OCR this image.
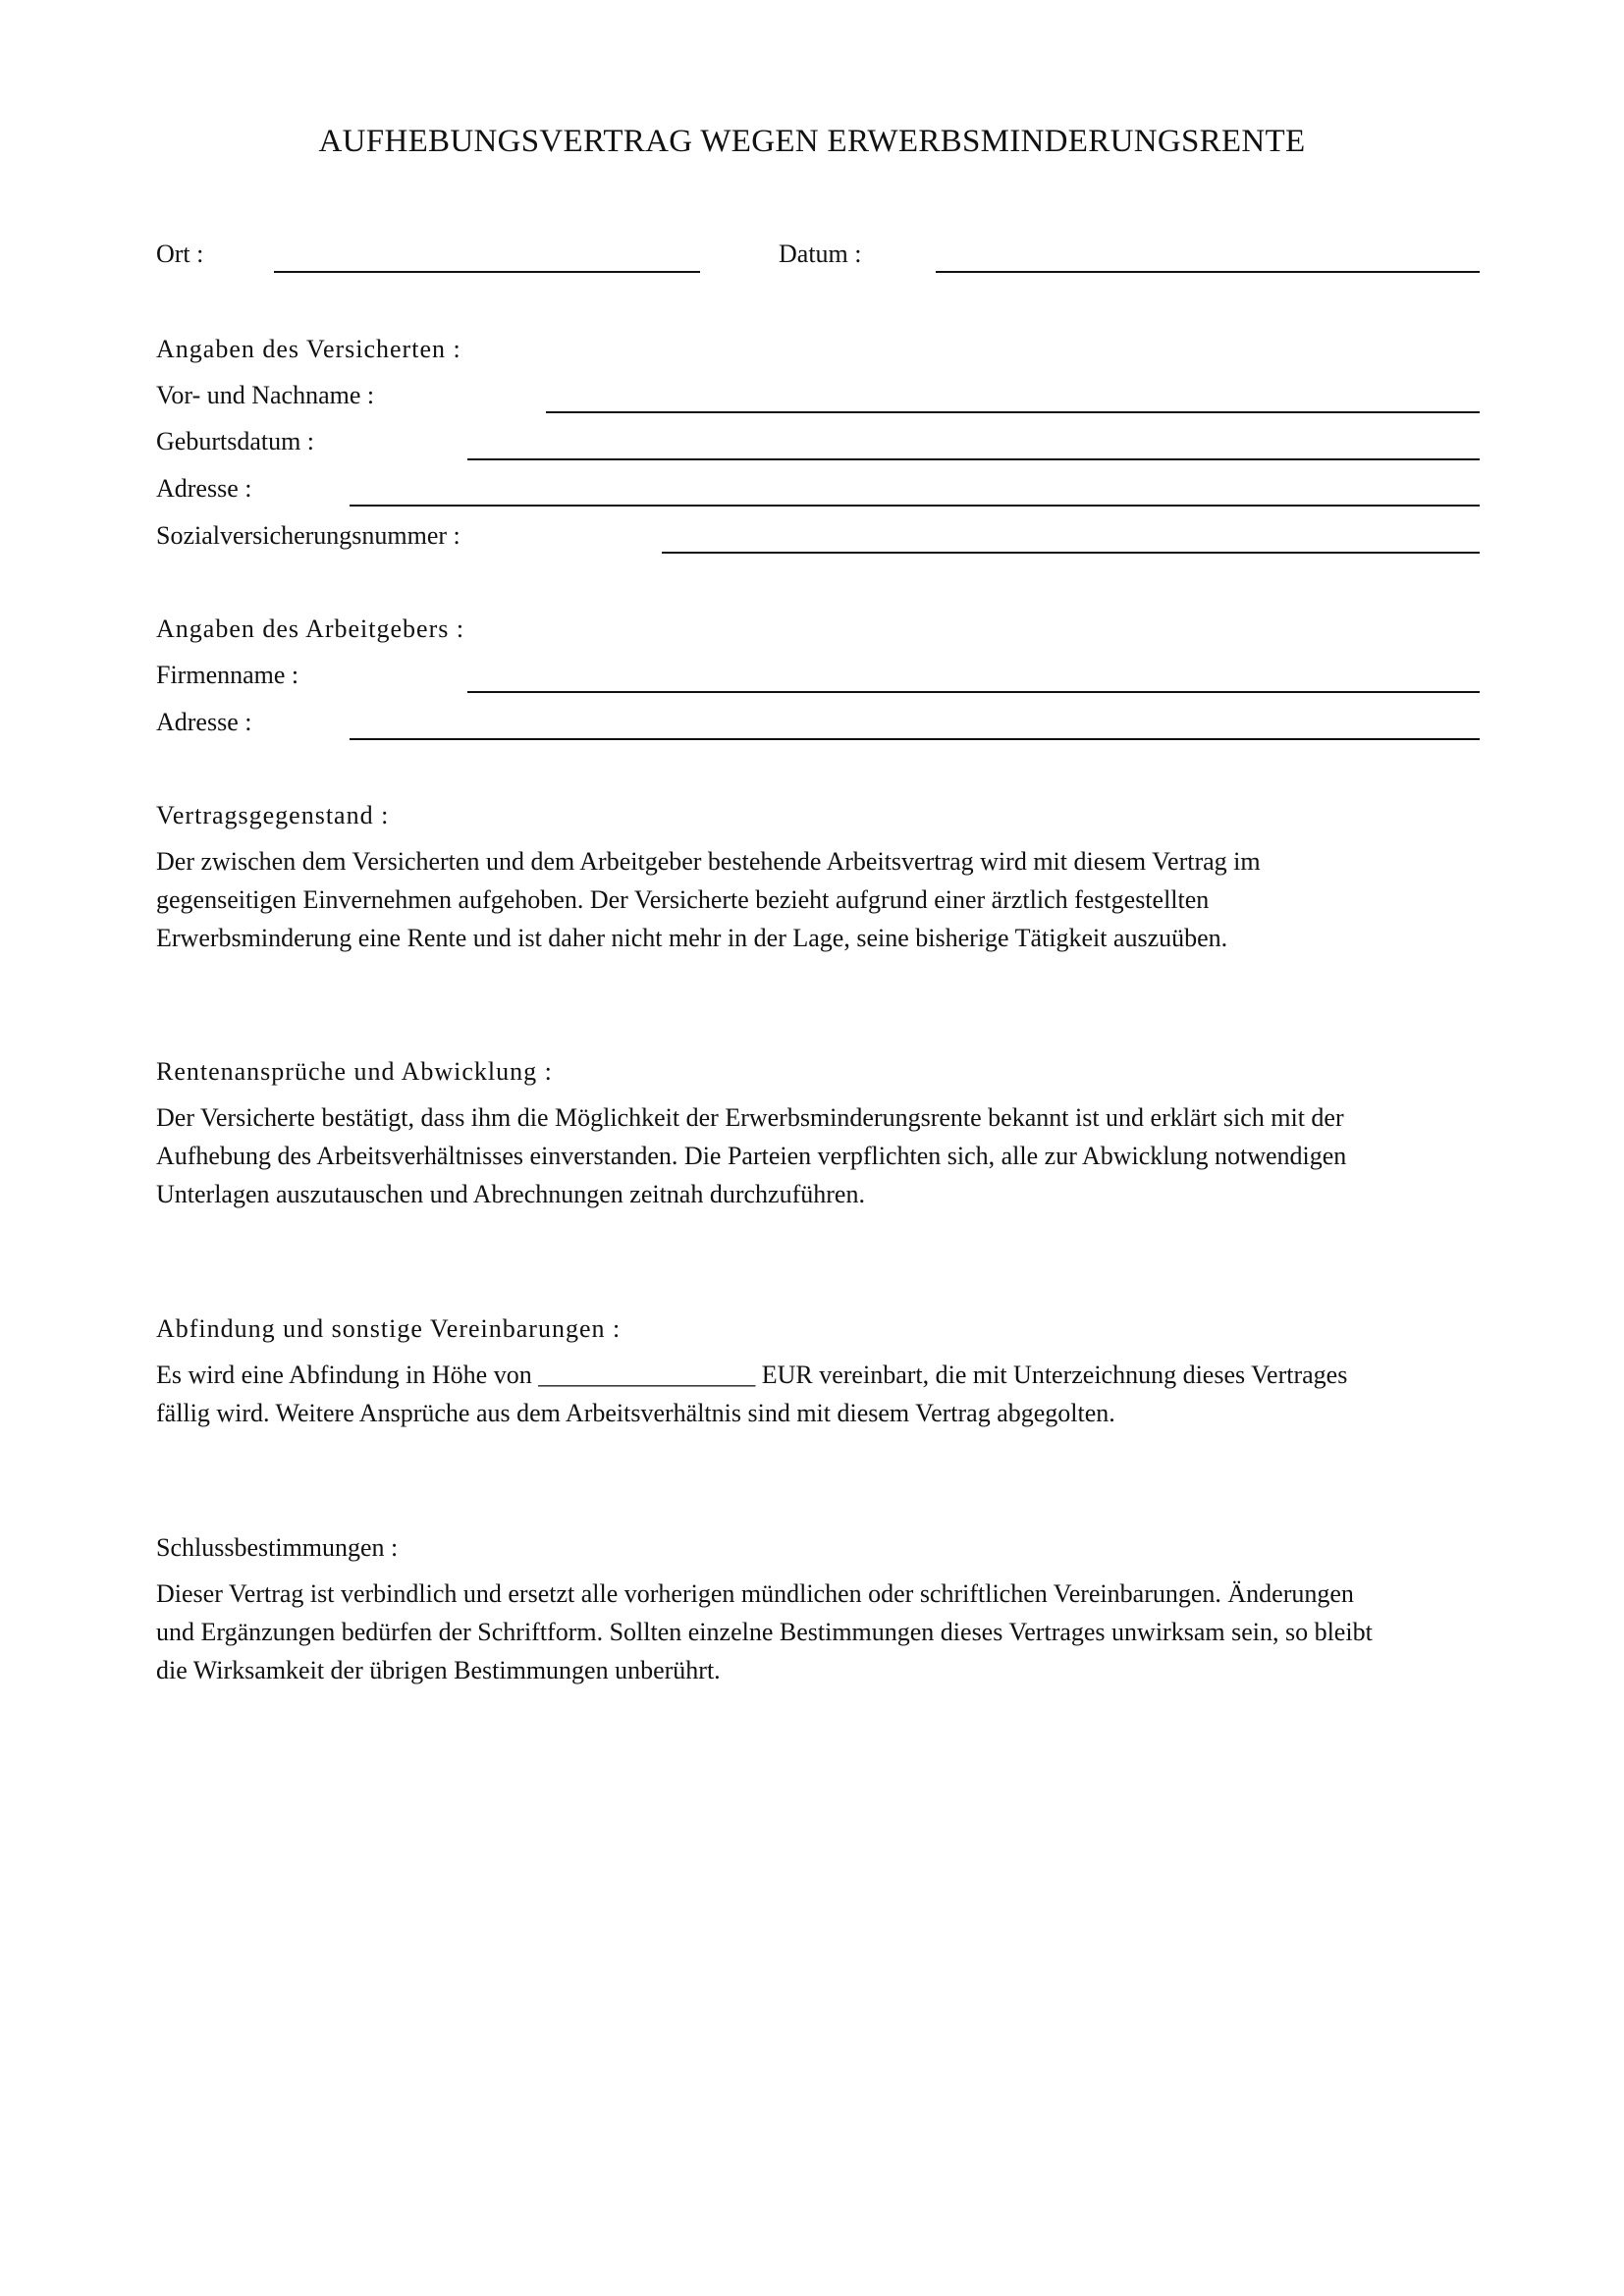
AUFHEBUNGSVERTRAG WEGEN ERWERBSMINDERUNGSRENTE
Ort :	Datum :
Angaben des Versicherten :
Vor- und Nachname :
Geburtsdatum :
Adresse :
Sozialversicherungsnummer :
Angaben des Arbeitgebers :
Firmenname :
Adresse :
Vertragsgegenstand :
Der zwischen dem Versicherten und dem Arbeitgeber bestehende Arbeitsvertrag wird mit diesem Vertrag im
gegenseitigen Einvernehmen aufgehoben. Der Versicherte bezieht aufgrund einer ärztlich festgestellten
Erwerbsminderung eine Rente und ist daher nicht mehr in der Lage, seine bisherige Tätigkeit auszuüben.
Rentenansprüche und Abwicklung :
Der Versicherte bestätigt, dass ihm die Möglichkeit der Erwerbsminderungsrente bekannt ist und erklärt sich mit der
Aufhebung des Arbeitsverhältnisses einverstanden. Die Parteien verpflichten sich, alle zur Abwicklung notwendigen
Unterlagen auszutauschen und Abrechnungen zeitnah durchzuführen.
Abfindung und sonstige Vereinbarungen :
Es wird eine Abfindung in Höhe von _________________ EUR vereinbart, die mit Unterzeichnung dieses Vertrages
fällig wird. Weitere Ansprüche aus dem Arbeitsverhältnis sind mit diesem Vertrag abgegolten.
Schlussbestimmungen :
Dieser Vertrag ist verbindlich und ersetzt alle vorherigen mündlichen oder schriftlichen Vereinbarungen. Änderungen
und Ergänzungen bedürfen der Schriftform. Sollten einzelne Bestimmungen dieses Vertrages unwirksam sein, so bleibt
die Wirksamkeit der übrigen Bestimmungen unberührt.
